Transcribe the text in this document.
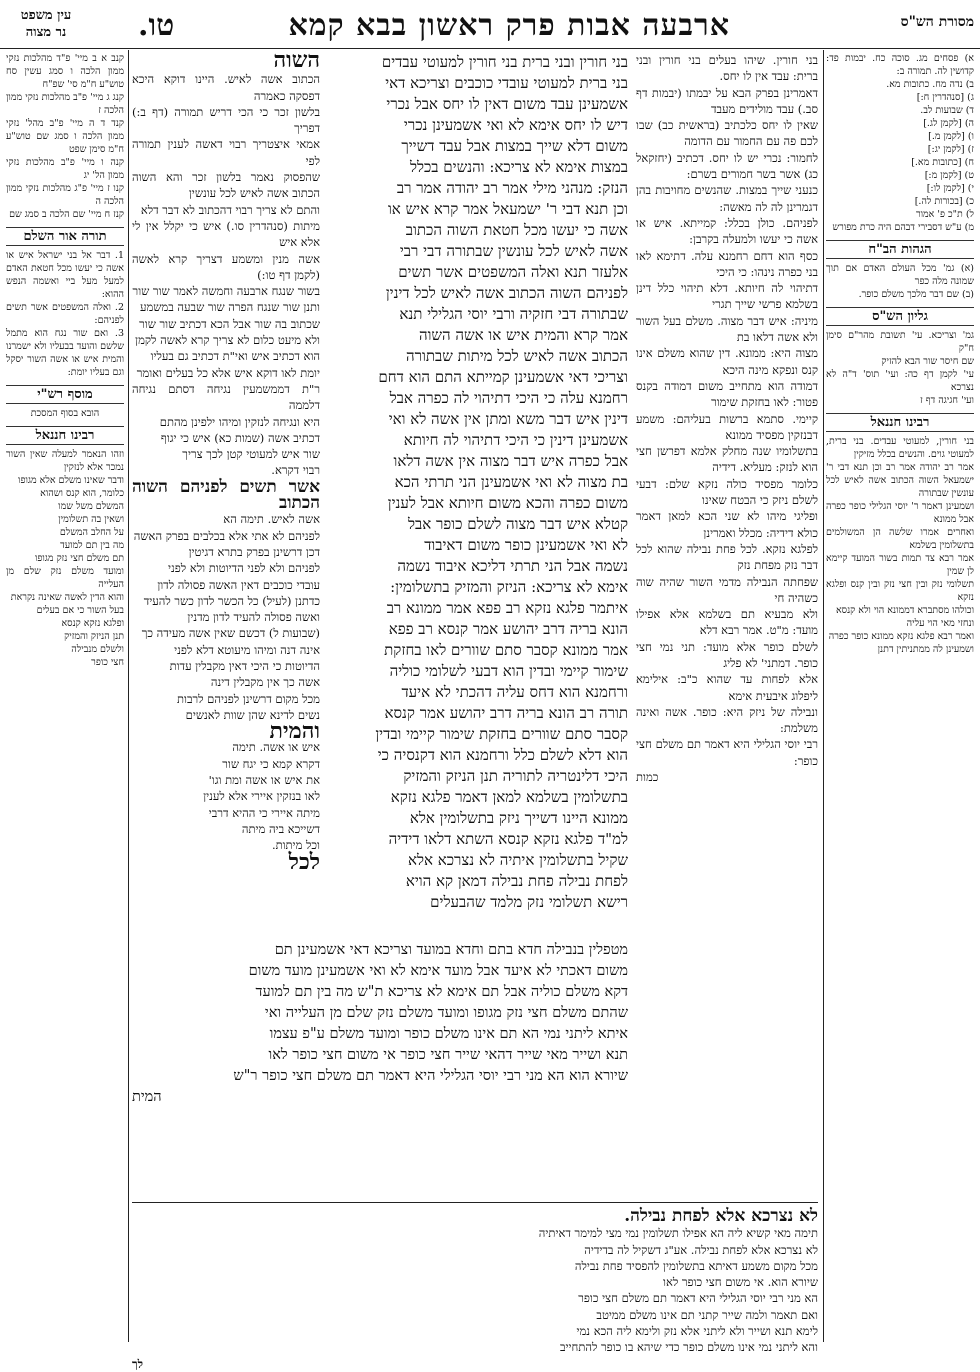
מסורת הש"ס
ארבעה אבות פרק ראשון בבא קמא
טו.
עין משפט
נר מצוה

א) פסחים מג. סוכה כח. יבמות פד: קדושין לה. תמורה ב:

ב) נדה מח. כתובות מא.

ג) [סנהדרין ח:]

ד) שבועות לב.

ה) [לקמן לג.]

ו) [לקמן מ.]

ז) [לקמן יג:]

ח) [כתובות מא.]

ט) [לקמן מ:]

י) [לקמן לו:]

כ) [בכורות לה.]

ל) ת"כ פ' אמור

מ) ע"ש דסבירי דבהם היה כרת מפורש

הגהות הב"ח

(א) גמ' מכל העולם האדם אם תוך שמונה מלה כפר

(ב) שם דבר מלכך משלם כופר.

גליון הש"ס

גמ' וצריכא. עי' תשובת מהר"ם סימן ח"ק

שם חיסר שור הבא להזיק

עי' לקמן דף כה: ועי' תוס' ד"ה לא נצרכא

ועי' חגיגה דף ז

רבינו חננאל

בני חורין, למעוטי עבדים. בני ברית, למעוטי גוים. והנשים בכלל מזיקין

אמר רב יהודה אמר רב וכן תנא דבי ר' ישמעאל השוה הכתוב אשה לאיש לכל עונשין שבתורה

ושמעינן דאמר ר' יוסי הגלילי כופר כפרה אבל ממונא

ואחרים אמרו שלשה הן המשולמים בתשלומין בשלמא

אמר רבא צד תמות בשור המועד קיימא לן שמין

תשלומי נזק ובין חצי נזק ובין קנס ופלגא נזקא

וכולהו מסתברא דממונא הוי ולא קנסא

ונחזי מאי הוי עליה

ואמר רבא פלגא נזקא ממונא כופר כפרה

ושמעינן לה ממתניתין דתנן

בני חורין. שיהו בעלים בני חורין ובני ברית: עבד אין לו יחס.

דאמרינן בפרק הבא על יבמתו (יבמות דף סב.) עבד מולידים מעבד

שאין לו יחס כלכתיב (בראשית כב) שבו לכם פה עם החמור עם הדומה

לחמור: נכרי יש לו יחס. דכתיב (יחזקאל כג) אשר בשר חמורים בשרם:

כנעני שייך במצות. שהנשים מחויבות בהן דגמרינן לה לה מאשה:

לפניהם. כולן בכלל: קמייתא. איש או אשה כי יעשו ולמעלה בקרבן:

כסף הוא דחם רחמנא עלה. דתימא לאו בני כפרה נינהו: כי היכי

דתיהוי לה חיותא. דלא תיהוי כלל דינן בשלמא פרשי שייך תגרי

מיניה: איש דבר מצוה. משלם בעל השור ולא אשה דלאו בת

מצוה היא: ממונא. דין שהוא משלם אינו קנס ונפקא מינה היכא

דמודה הוא מתחייב משום דמודה בקנס פטור: לאו בחזקת שימור

קיימי. סתמא ברשות בעליהם: משמע דבנזקין מפסיד ממונא

בתשלומיו שנה מחלק אלמא דפרשן חצי הוא לנזק: מעליא. דידיה

כלומר מפסיד כולה נזקא שלם: דבעי לשלם ניזק כי הבטח שאינו

ופליגי מיהו לא שני הכא למאן דאמר כולא דידיה: מכלל ואמרינן

לפלגא נזקא. לכל פחת נבילה שהוא לכל דבר נזק מפחת נזק

שפחתה הנבילה מדמי השור שהיה שוה כשהיה חי

ולא מבעיא תם בשלמא אלא אפילו מועד: מ"ט. אמר רבא דלא

לשלם כופר אלא מועד: תני נמי חצי כופר. דמתני' לא פליג

אלא לפחות עד שהוא כ"ב: אילימא ליפלוג איבעית אימא

ונבילה של ניזק היא: כופר. אשה ואינה משלמת:

רבי יוסי הגלילי היא דאמר תם משלם חצי כופר:

כמות

בני חורין ובני ברית בני חורין למעוטי עבדים

בני ברית למעוטי עובדי כוכבים וצריכא דאי

אשמעינן עבד משום דאין לו יחס אבל נכרי

דיש לו יחס אימא לא ואי אשמעינן נכרי

משום דלא שייך במצות אבל עבד דשייך

במצות אימא לא צריכא: והנשים בכלל

הנזק: מנהני מילי אמר רב יהודה אמר רב

וכן תנא דבי ר' ישמעאל אמר קרא איש או

אשה כי יעשו מכל חטאת השוה הכתוב

אשה לאיש לכל עונשין שבתורה דבי רבי

אלעזר תנא ואלה המשפטים אשר תשים

לפניהם השוה הכתוב אשה לאיש לכל דינין

שבתורה דבי חזקיה ורבי יוסי הגלילי תנא

אמר קרא והמית איש או אשה השוה

הכתוב אשה לאיש לכל מיתות שבתורה

וצריכי דאי אשמעינן קמייתא התם הוא דחם

רחמנא עלה כי היכי דתיהוי לה כפרה אבל

דינין איש דבר משא ומתן אין אשה לא ואי

אשמעינן דינין כי היכי דתיהוי לה חיותא

אבל כפרה איש דבר מצוה אין אשה דלאו

בת מצוה לא ואי אשמעינן הני תרתי הכא

משום כפרה והכא משום חיותא אבל לענין

קטלא איש דבר מצוה לשלם כופר אבל

לא ואי אשמעינן כופר משום דאיבוד

נשמה אבל הני תרתי דליכא איבוד נשמה

אימא לא צריכא: הניזק והמזיק בתשלומין:

איתמר פלגא נזקא רב פפא אמר ממונא רב

הונא בריה דרב יהושע אמר קנסא רב פפא

אמר ממונא קסבר סתם שוורים לאו בחזקת

שימור קיימי ובדין הוא דבעי לשלומי כוליה

ורחמנא הוא דחס עליה דהכתי לא איעד

תורה רב הונא בריה דרב יהושע אמר קנסא

קסבר סתם שוורים בחזקת שימור קיימי ובדין

הוא דלא לשלם כלל ורחמנא הוא דקנסיה כי

היכי דלינטריה לתוריה תנן הניזק והמזיק

בתשלומין בשלמא למאן דאמר פלגא נזקא

ממונא היינו דשייך ניזק בתשלומין אלא

למ"ד פלגא נזקא קנסא השתא דלאו דידיה

שקיל בתשלומין איתיה לא נצרכא אלא

לפחת נבילה פחת נבילה דמאן קא הויא

רישא תשלומי נזק מלמד שהבעלים

השוה

הכתוב אשה לאיש. היינו דוקא היכא דפסקה כאמרה

בלשון זכר כי הכי דריש תמורה (דף ב:) דפריך

אמאי איצטריך רבוי דאשה לענין תמורה לפי

שהפסוק נאמר בלשון זכר והא השוה הכתוב אשה לאיש לכל עונשין

והתם לא צריך רבוי דהכתוב לא דבר דלא

מיתות (סנהדרין סו.) איש כי יקלל אין לי אלא איש

אשה מנין ומשמע דצריך קרא לאשה (לקמן דף טו:)

בשור שנגח ארבעה וחמשה לאמר שור שור

ותנן שור שנגח הפרה שור שבעה במשמע

שכתוב בה שור אבל הכא דכתיב שור שור

ולא מיעט כלום לא צריך קרא לאשה לקמן

הוא דכתיב איש ואי"ת דכתיב גם בעליו

יומת לאו דוקא איש אלא כל בעלים ואומר

ר"ת דממשמעין נגיחה דסתם נגיחה דלממה

היא ונגיחה לנזקין ומיהו ילפינן מהתם

דכתיב אשה (שמות כא) איש כי יגוף

שור איש למעוטי קטן לכך צריך

רבוי דקרא.

אשר תשים לפניהם השוה הכתוב

אשה לאיש. תימה הא

לפניהם לא אתי אלא בכלבים בפרק האשה

דכן דרשינן בפרק בתרא דגיטין

לפניהם ולא לפני הדיוטות ולא לפני

עובדי כוכבים דאין האשה פסולה לדון

כדתנן (לעיל) כל הכשר לדון כשר להעיד

ואשה פסולה להעיד לדון מדנין

(שבועות ל) דכשם שאין אשה מעידה כך

אינה דנה ומיהו מיעוטא דלא לפני

הדיוטות כי היכי דאין מקבלין עדות

אשה כך אין מקבלין דינה

מכל מקום דרשינן לפניהם לרבות

נשים לדינא שהן שוות לאנשים

והמית

איש או אשה. תימה

דקרא קמא כי יגח שור

את איש או אשה ומת וגו'

לאו בנזקין איירי אלא לענין

מיתה איירי כי ההיא דרבי

דשייכא ביה מיתה

וכל מיתות.

לכל

מטפלין בנבילה חדא בתם וחדא במועד וצריכא דאי אשמעינן תם

משום דאכתי לא איעד אבל מועד אימא לא ואי אשמעינן מועד משום

דקא משלם כוליה אבל תם אימא לא צריכא ת"ש מה בין תם למועד

שהתם משלם חצי נזק מגופו ומועד משלם נזק שלם מן העלייה ואי

איתא ליתני נמי הא תם אינו משלם כופר ומועד משלם ע"פ עצמו

תנא ושייר מאי שייר דהאי שייר חצי כופר אי משום חצי כופר לאו

שיורא הוא הא מני רבי יוסי הגלילי היא דאמר תם משלם חצי כופר ר"ש

המית

לא נצרכא אלא לפחת נבילה.

תימה מאי קשיא ליה הא אפילו תשלומין נמי מצי למימר דאיתיה

לא נצרכא אלא לפחת נבילה. אע"ג דשקיל לה בדידיה

מכל מקום משמע דאיתא בתשלומין להפסיד פחת נבילה

שיורא הוא. אי משום חצי כופר לאו

הא מני רבי יוסי הגלילי היא דאמר תם משלם חצי כופר

ואם תאמר ולמה שייר קתני תם אינו משלם ממיטב

לימא תנא ושייר ולא ליתני אלא נזק ולימא ליה הכא נמי

והא ליתני נמי אינו משלם כופר כדי שיהא בו כופר להתחייב

לך

קנב א ב מיי' פ"ד מהלכות נזקי ממון הלכה ו סמג עשין סח טוש"ע ח"מ סי' שפ"ח

קנג ג מיי' פ"ב מהלכות נזקי ממון הלכה ז

קנד ד ה מיי' פ"ב מהל' נזקי ממון הלכה ו סמג שם טוש"ע ח"מ סימן שפט

קנה ו מיי' פ"ב מהלכות נזקי ממון הל' יג

קנו ז מיי' פ"ג מהלכות נזקי ממון הלכה ה

קנז ח מיי' שם הלכה ב סמג שם

תורה אור השלם

1. דבר אל בני ישראל איש או אשה כי יעשו מכל חטאת האדם למעל מעל ביי ואשמה הנפש ההוא:

2. ואלה המשפטים אשר תשים לפניהם:

3. ואם שור נגח הוא מתמל שלשם והועד בבעליו ולא ישמרנו והמית איש או אשה השור יסקל וגם בעליו יומת:

מוסף רש"י

הובא בסוף המסכת

רבינו חננאל

וזהו הנאמר למעלה שאין השור נמכר אלא לנזקין

ודבר שאינו משלם אלא מגופו

כלומר, הוא קנס ושהוא

המשלם משל שמו

ושאין בה תשלומין

על החלב המשלם

מה בין תם למועד

תם משלם חצי נזק מגופו

ומועד משלם נזק שלם מן העלייה

והוא הדין לאשה שאינה נקראת

בעל השור כי אם בעלים

ופלגא נזקא קנסא

תנן הניזק והמזיק

ולשלם מנבילה

חצי כופר
